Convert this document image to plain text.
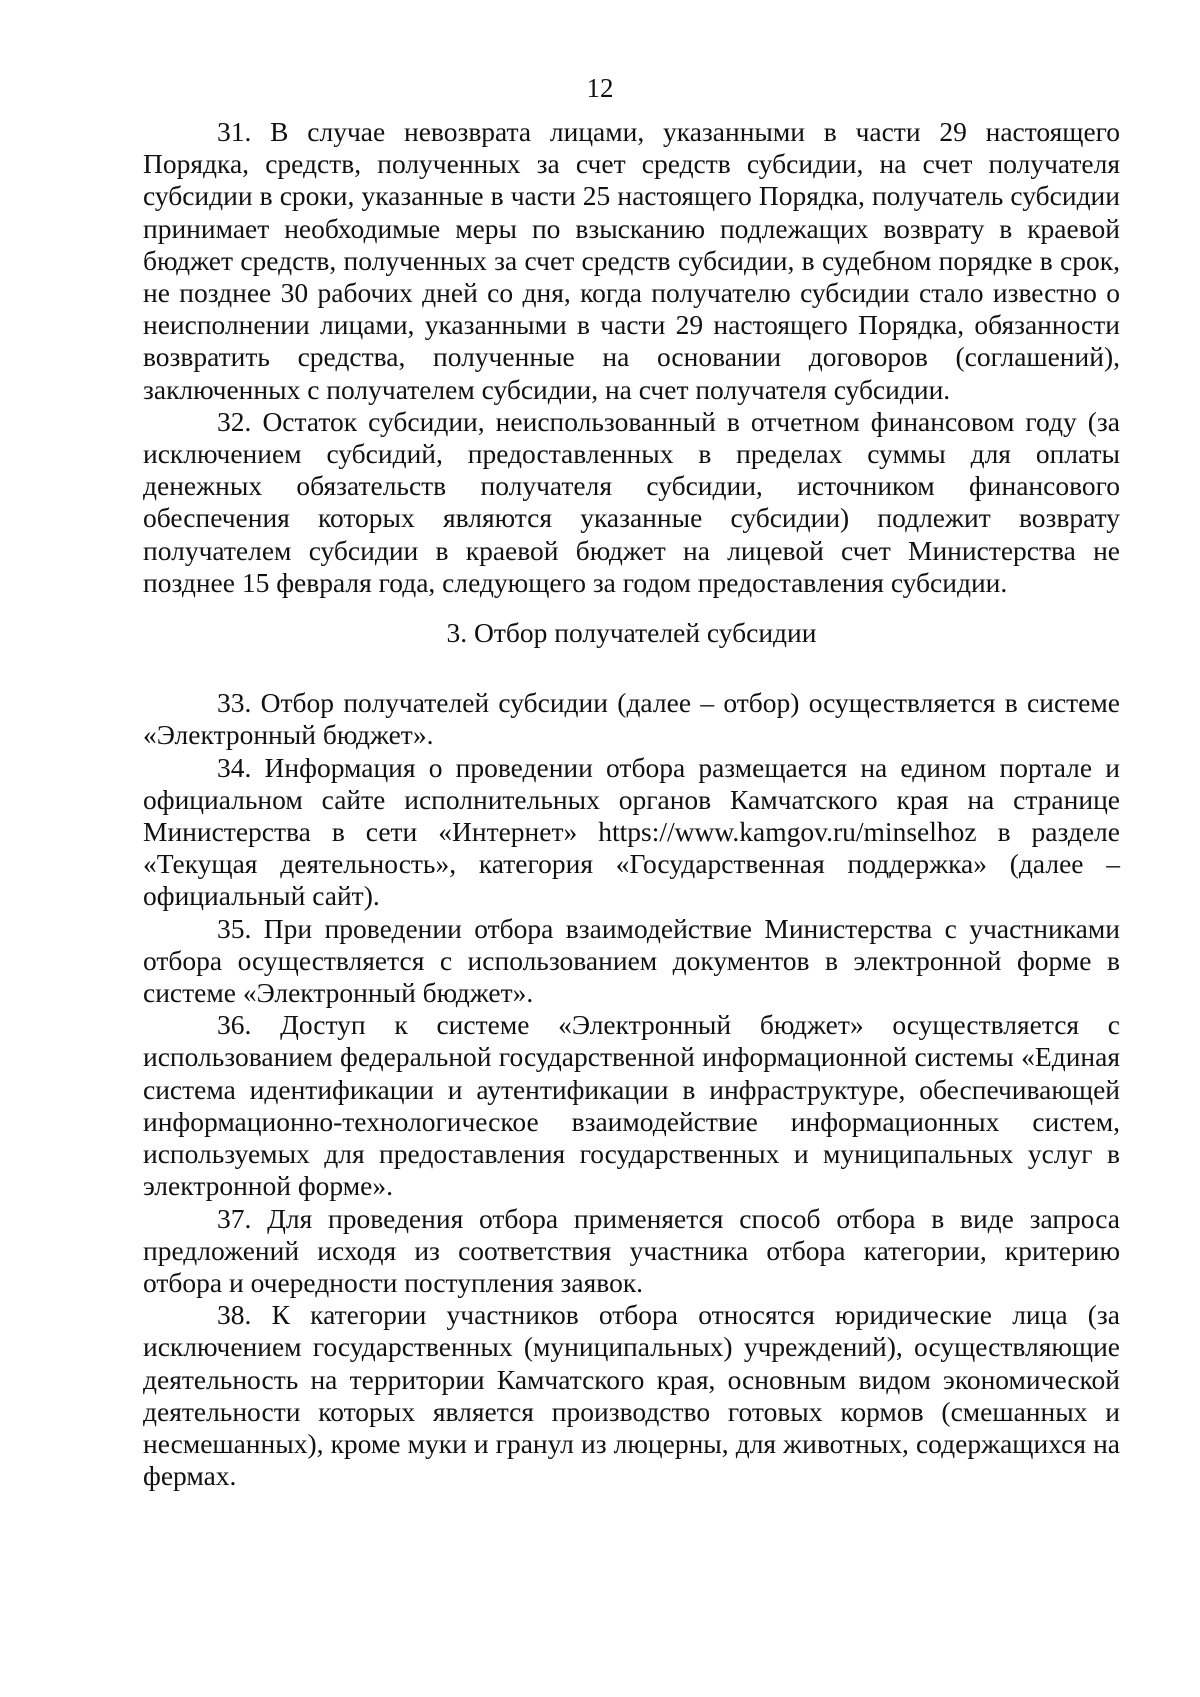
12

31. В случае невозврата лицами, указанными в части 29 настоящего Порядка, средств, полученных за счет средств субсидии, на счет получателя субсидии в сроки, указанные в части 25 настоящего Порядка, получатель субсидии принимает необходимые меры по взысканию подлежащих возврату в краевой бюджет средств, полученных за счет средств субсидии, в судебном порядке в срок, не позднее 30 рабочих дней со дня, когда получателю субсидии стало известно о неисполнении лицами, указанными в части 29 настоящего Порядка, обязанности возвратить средства, полученные на основании договоров (соглашений), заключенных с получателем субсидии, на счет получателя субсидии.

32. Остаток субсидии, неиспользованный в отчетном финансовом году (за исключением субсидий, предоставленных в пределах суммы для оплаты денежных обязательств получателя субсидии, источником финансового обеспечения которых являются указанные субсидии) подлежит возврату получателем субсидии в краевой бюджет на лицевой счет Министерства не позднее 15 февраля года, следующего за годом предоставления субсидии.

3. Отбор получателей субсидии

33. Отбор получателей субсидии (далее – отбор) осуществляется в системе «Электронный бюджет».

34. Информация о проведении отбора размещается на едином портале и официальном сайте исполнительных органов Камчатского края на странице Министерства в сети «Интернет» https://www.kamgov.ru/minselhoz в разделе «Текущая деятельность», категория «Государственная поддержка» (далее – официальный сайт).

35. При проведении отбора взаимодействие Министерства с участниками отбора осуществляется с использованием документов в электронной форме в системе «Электронный бюджет».

36. Доступ к системе «Электронный бюджет» осуществляется с использованием федеральной государственной информационной системы «Единая система идентификации и аутентификации в инфраструктуре, обеспечивающей информационно-технологическое взаимодействие информационных систем, используемых для предоставления государственных и муниципальных услуг в электронной форме».

37. Для проведения отбора применяется способ отбора в виде запроса предложений исходя из соответствия участника отбора категории, критерию отбора и очередности поступления заявок.

38. К категории участников отбора относятся юридические лица (за исключением государственных (муниципальных) учреждений), осуществляющие деятельность на территории Камчатского края, основным видом экономической деятельности которых является производство готовых кормов (смешанных и несмешанных), кроме муки и гранул из люцерны, для животных, содержащихся на фермах.
